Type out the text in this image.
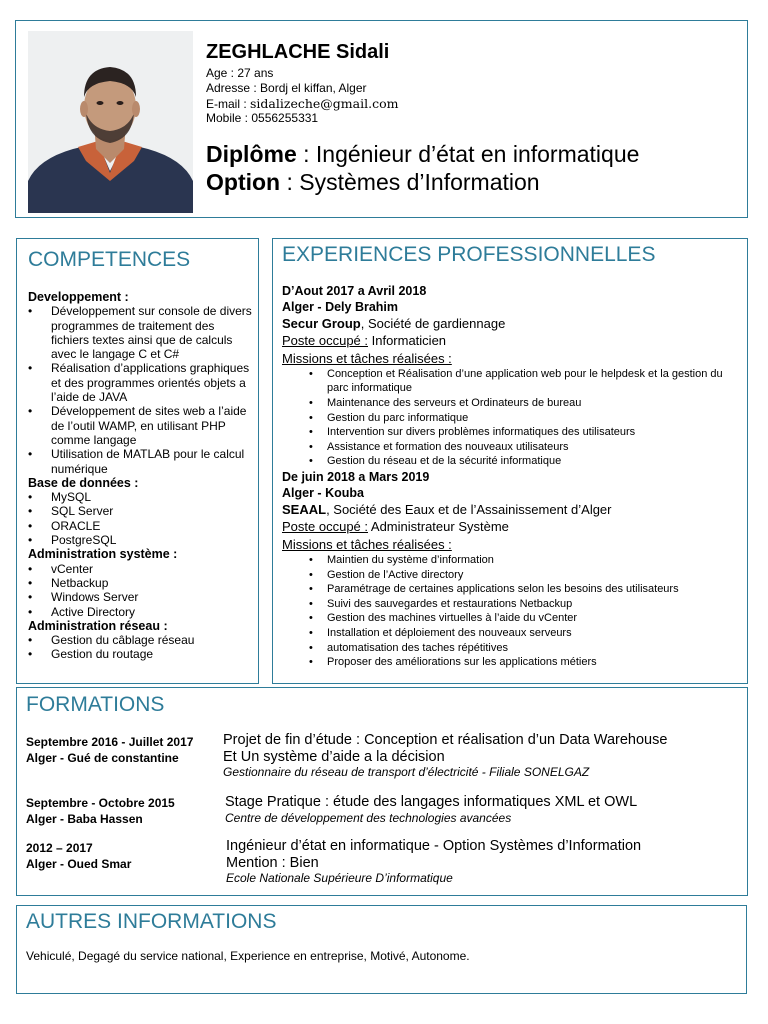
ZEGHLACHE Sidali
Age : 27 ans
Adresse : Bordj el kiffan, Alger
E-mail : sidalizeche@gmail.com
Mobile : 0556255331
Diplôme : Ingénieur d’état en informatique
Option : Systèmes d’Information
COMPETENCES
Developpement :
• Développement sur console de divers programmes de traitement des fichiers textes ainsi que de calculs avec le langage C et C#
• Réalisation d’applications graphiques et des programmes orientés objets a l’aide de JAVA
• Développement de sites web a l’aide de l’outil WAMP, en utilisant PHP comme langage
• Utilisation de MATLAB pour le calcul numérique
Base de données :
• MySQL
• SQL Server
• ORACLE
• PostgreSQL
Administration système :
• vCenter
• Netbackup
• Windows Server
• Active Directory
Administration réseau :
• Gestion du câblage réseau
• Gestion du routage
EXPERIENCES PROFESSIONNELLES
D’Aout 2017 a Avril 2018
Alger - Dely Brahim
Secur Group, Société de gardiennage
Poste occupé : Informaticien
Missions et tâches réalisées :
• Conception et Réalisation d’une application web pour le helpdesk et la gestion du parc informatique
• Maintenance des serveurs et Ordinateurs de bureau
• Gestion du parc informatique
• Intervention sur divers problèmes informatiques des utilisateurs
• Assistance et formation des nouveaux utilisateurs
• Gestion du réseau et de la sécurité informatique
De juin 2018 a Mars 2019
Alger - Kouba
SEAAL, Société des Eaux et de l’Assainissement d’Alger
Poste occupé : Administrateur Système
Missions et tâches réalisées :
• Maintien du système d’information
• Gestion de l’Active directory
• Paramétrage de certaines applications selon les besoins des utilisateurs
• Suivi des sauvegardes et restaurations Netbackup
• Gestion des machines virtuelles à l’aide du vCenter
• Installation et déploiement des nouveaux serveurs
• automatisation des taches répétitives
• Proposer des améliorations sur les applications métiers
FORMATIONS
Septembre 2016 - Juillet 2017
Alger - Gué de constantine
Projet de fin d’étude : Conception et réalisation d’un Data Warehouse
Et Un système d’aide a la décision
Gestionnaire du réseau de transport d’électricité - Filiale SONELGAZ
Septembre - Octobre 2015
Alger - Baba Hassen
Stage Pratique : étude des langages informatiques XML et OWL
Centre de développement des technologies avancées
2012 – 2017
Alger - Oued Smar
Ingénieur d’état en informatique - Option Systèmes d’Information
Mention : Bien
Ecole Nationale Supérieure D’informatique
AUTRES INFORMATIONS
Vehiculé, Degagé du service national, Experience en entreprise, Motivé, Autonome.
